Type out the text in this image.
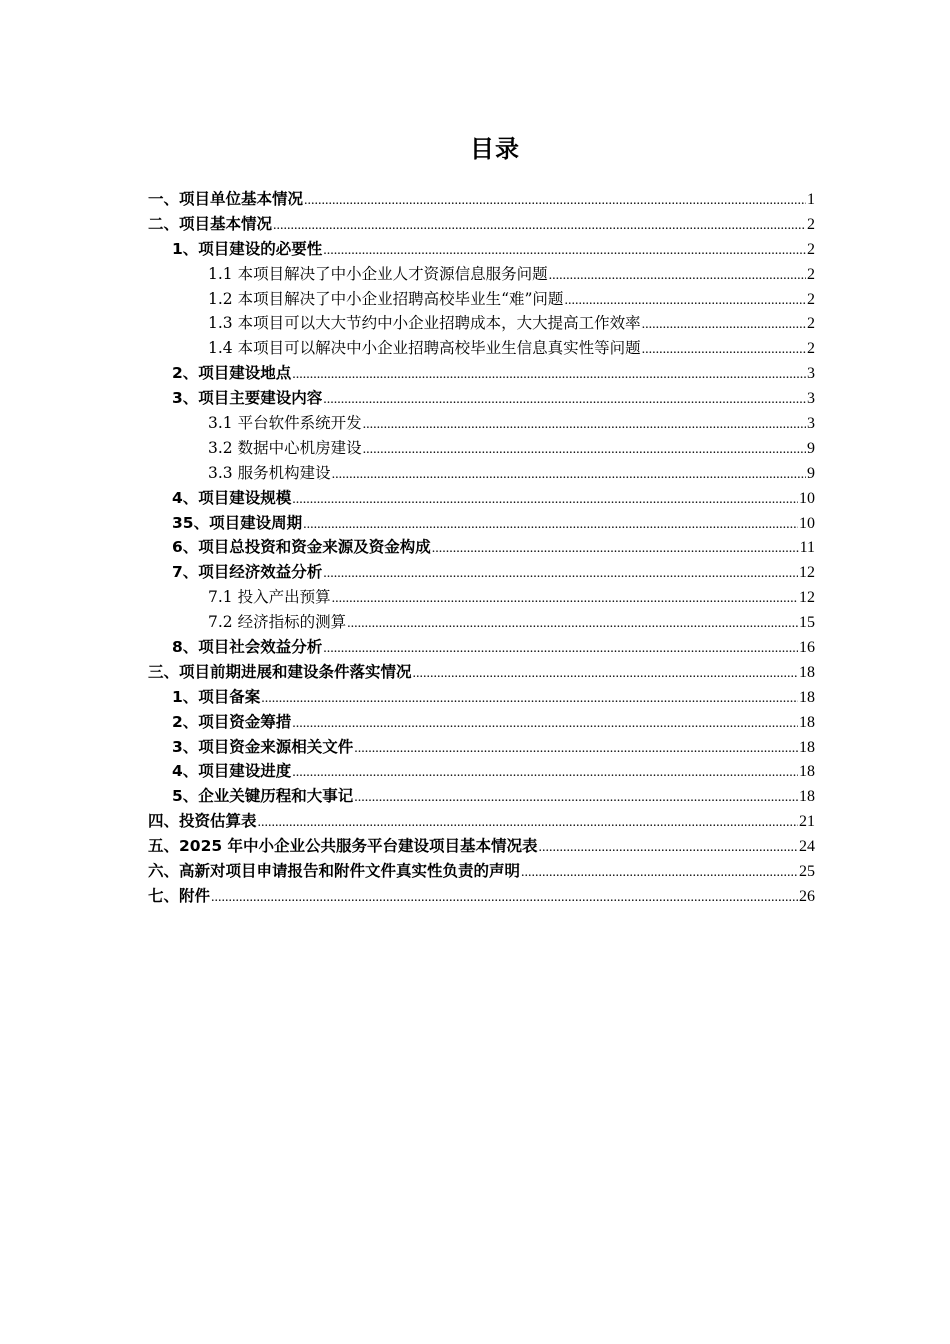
目录
一、项目单位基本情况 .....	1
二、项目基本情况 .....	2
1、项目建设的必要性 .....	2
1.1 本项目解决了中小企业人才资源信息服务问题 .....	2
1.2 本项目解决了中小企业招聘高校毕业生“难”问题 .....	2
1.3 本项目可以大大节约中小企业招聘成本，大大提高工作效率 .....	2
1.4 本项目可以解决中小企业招聘高校毕业生信息真实性等问题 .....	2
2、项目建设地点 .....	3
3、项目主要建设内容 .....	3
3.1 平台软件系统开发 .....	3
3.2 数据中心机房建设 .....	9
3.3 服务机构建设 .....	9
4、项目建设规模 .....	10
35、项目建设周期 .....	10
6、项目总投资和资金来源及资金构成 .....	11
7、项目经济效益分析 .....	12
7.1 投入产出预算 .....	12
7.2 经济指标的测算 .....	15
8、项目社会效益分析 .....	16
三、项目前期进展和建设条件落实情况 .....	18
1、项目备案 .....	18
2、项目资金筹措 .....	18
3、项目资金来源相关文件 .....	18
4、项目建设进度 .....	18
5、企业关键历程和大事记 .....	18
四、投资估算表 .....	21
五、2025 年中小企业公共服务平台建设项目基本情况表 .....	24
六、高新对项目申请报告和附件文件真实性负责的声明 .....	25
七、附件 .....	26
